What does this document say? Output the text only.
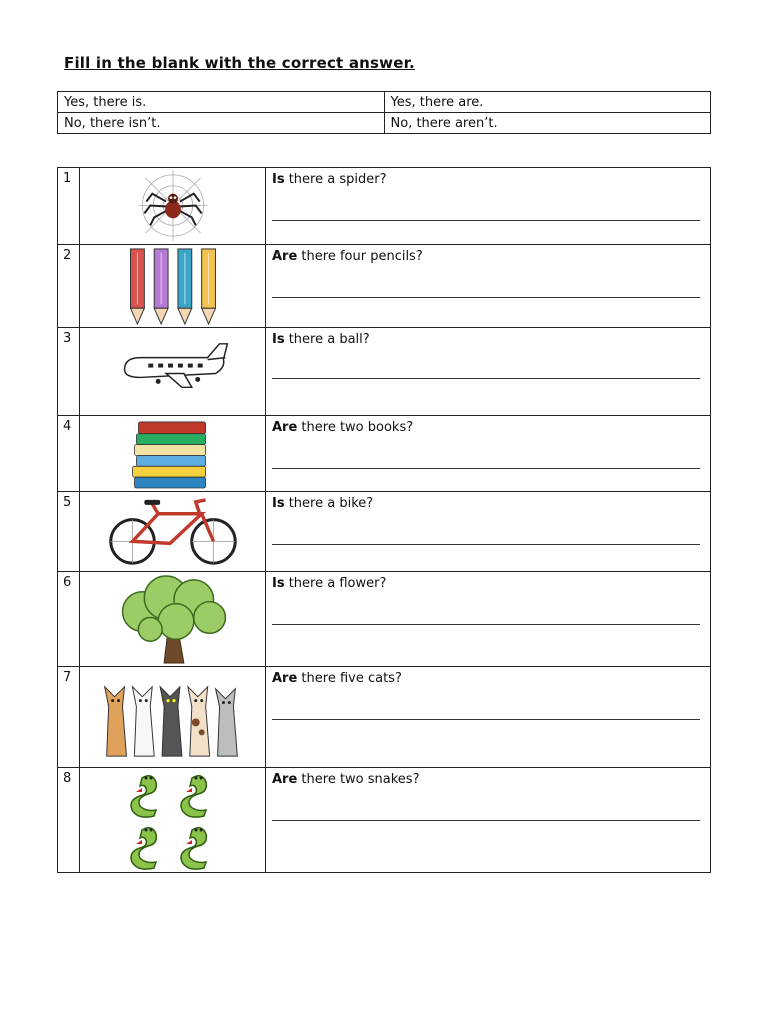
Fill in the blank with the correct answer.
Yes, there is.	Yes, there are.
No, there isn’t.	No, there aren’t.
1	Is there a spider?
2	Are there four pencils?
3	Is there a ball?
4	Are there two books?
5	Is there a bike?
6	Is there a flower?
7	Are there five cats?
8	Are there two snakes?
